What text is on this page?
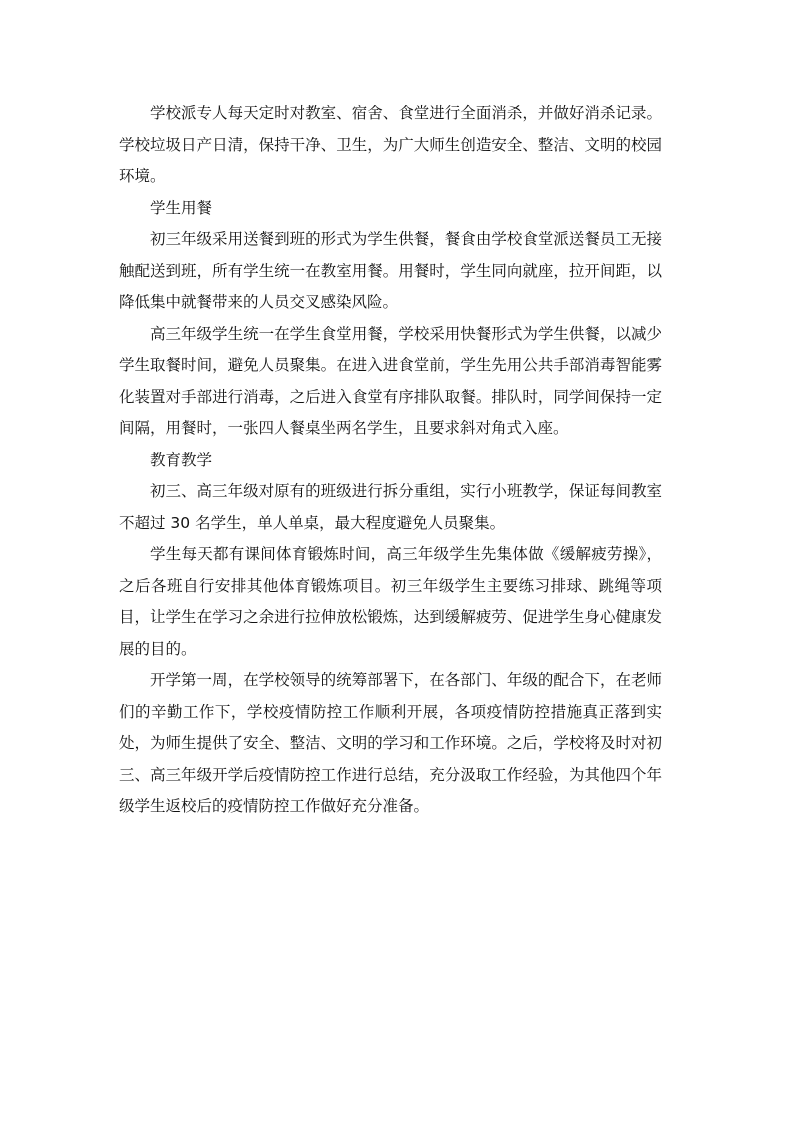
学校派专人每天定时对教室、宿舍、食堂进行全面消杀，并做好消杀记录。学校垃圾日产日清，保持干净、卫生，为广大师生创造安全、整洁、文明的校园环境。

学生用餐

初三年级采用送餐到班的形式为学生供餐，餐食由学校食堂派送餐员工无接触配送到班，所有学生统一在教室用餐。用餐时，学生同向就座，拉开间距，以降低集中就餐带来的人员交叉感染风险。

高三年级学生统一在学生食堂用餐，学校采用快餐形式为学生供餐，以减少学生取餐时间，避免人员聚集。在进入进食堂前，学生先用公共手部消毒智能雾化装置对手部进行消毒，之后进入食堂有序排队取餐。排队时，同学间保持一定间隔，用餐时，一张四人餐桌坐两名学生，且要求斜对角式入座。

教育教学

初三、高三年级对原有的班级进行拆分重组，实行小班教学，保证每间教室不超过 30 名学生，单人单桌，最大程度避免人员聚集。

学生每天都有课间体育锻炼时间，高三年级学生先集体做《缓解疲劳操》，之后各班自行安排其他体育锻炼项目。初三年级学生主要练习排球、跳绳等项目，让学生在学习之余进行拉伸放松锻炼，达到缓解疲劳、促进学生身心健康发展的目的。

开学第一周，在学校领导的统筹部署下，在各部门、年级的配合下，在老师们的辛勤工作下，学校疫情防控工作顺利开展，各项疫情防控措施真正落到实处，为师生提供了安全、整洁、文明的学习和工作环境。之后，学校将及时对初三、高三年级开学后疫情防控工作进行总结，充分汲取工作经验，为其他四个年级学生返校后的疫情防控工作做好充分准备。
